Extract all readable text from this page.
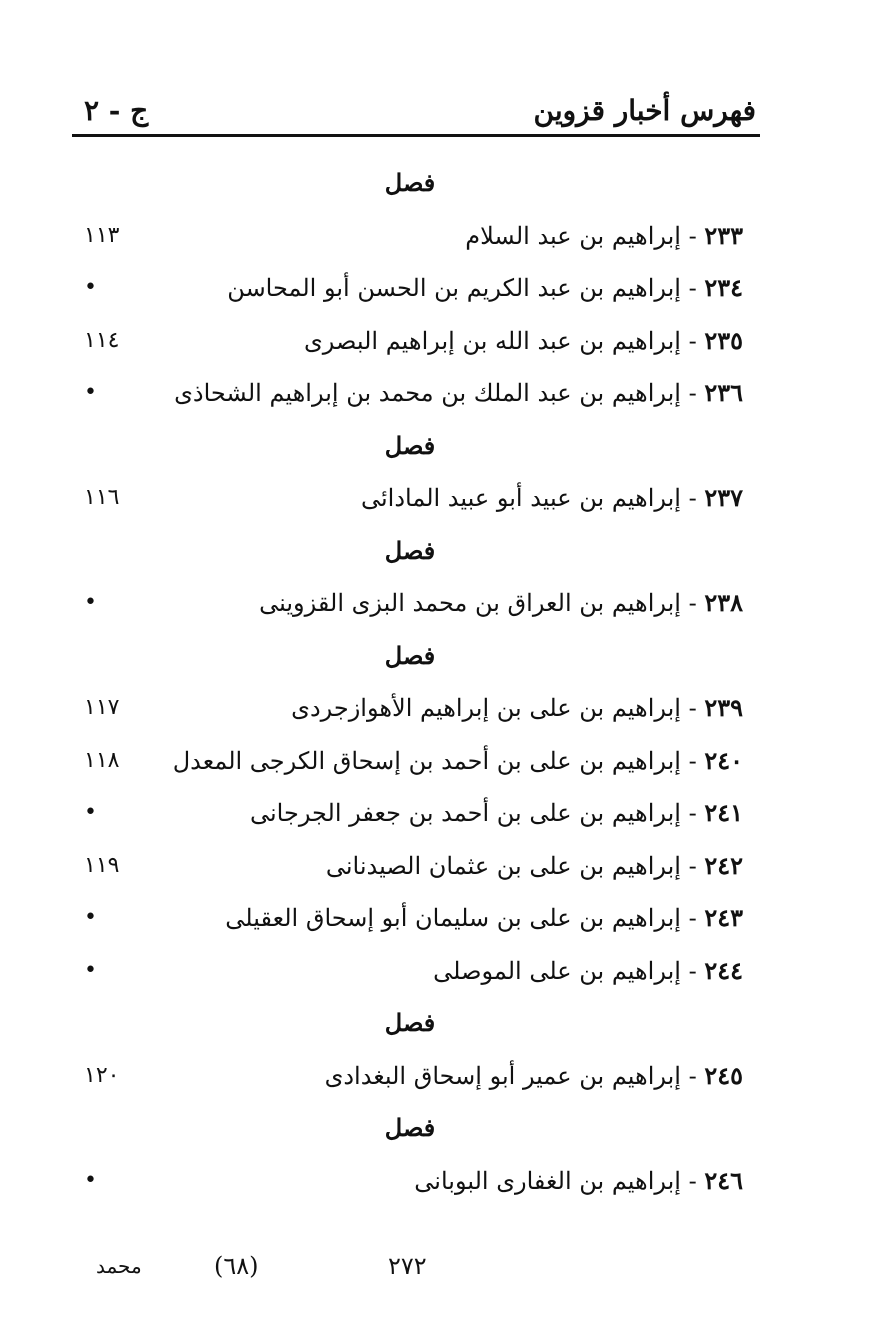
فهرس أخبار قزوين
ج - ٢
فصل
٢٣٣ - إبراهيم بن عبد السلام
١١٣
٢٣٤ - إبراهيم بن عبد الكريم بن الحسن أبو المحاسن
•
٢٣٥ - إبراهيم بن عبد الله بن إبراهيم البصرى
١١٤
٢٣٦ - إبراهيم بن عبد الملك بن محمد بن إبراهيم الشحاذى
•
فصل
٢٣٧ - إبراهيم بن عبيد أبو عبيد المادائى
١١٦
فصل
٢٣٨ - إبراهيم بن العراق بن محمد البزى القزوينى
•
فصل
٢٣٩ - إبراهيم بن على بن إبراهيم الأهوازجردى
١١٧
٢٤٠ - إبراهيم بن على بن أحمد بن إسحاق الكرجى المعدل
١١٨
٢٤١ - إبراهيم بن على بن أحمد بن جعفر الجرجانى
•
٢٤٢ - إبراهيم بن على بن عثمان الصيدنانى
١١٩
٢٤٣ - إبراهيم بن على بن سليمان أبو إسحاق العقيلى
•
٢٤٤ - إبراهيم بن على الموصلى
•
فصل
٢٤٥ - إبراهيم بن عمير أبو إسحاق البغدادى
١٢٠
فصل
٢٤٦ - إبراهيم بن الغفارى البوبانى
•
محمد	(٦٨)	٢٧٢
